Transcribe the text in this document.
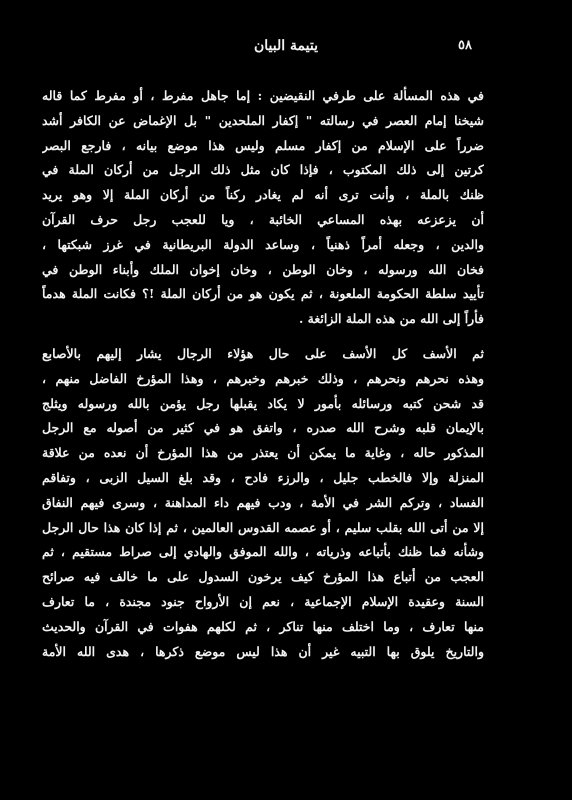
يتيمة البيان	٥٨
في هذه المسألة على طرفي النقيضين : إما جاهل مفرط ، أو مفرط كما قاله
شيخنا إمام العصر في رسالته " إكفار الملحدين " بل الإغماض عن الكافر أشد
ضرراً على الإسلام من إكفار مسلم وليس هذا موضع بيانه ، فارجع البصر
كرتين إلى ذلك المكتوب ، فإذا كان مثل ذلك الرجل من أركان الملة في
ظنك بالملة ، وأنت ترى أنه لم يغادر ركناً من أركان الملة إلا وهو يريد
أن يزعزعه بهذه المساعي الخائبة ، ويا للعجب رجل حرف القرآن
والدين ، وجعله أمراً ذهنياً ، وساعد الدولة البريطانية في غرز شبكتها ،
فخان الله ورسوله ، وخان الوطن ، وخان إخوان الملك وأبناء الوطن في
تأييد سلطة الحكومة الملعونة ، ثم يكون هو من أركان الملة !؟ فكانت الملة هدماً
فأراً إلى الله من هذه الملة الزائغة .
ثم الأسف كل الأسف على حال هؤلاء الرجال يشار إليهم بالأصابع
وهذه نحرهم ونحرهم ، وذلك خبرهم وخبرهم ، وهذا المؤرخ الفاضل منهم ،
قد شحن كتبه ورسائله بأمور لا يكاد يقبلها رجل يؤمن بالله ورسوله ويثلج
بالإيمان قلبه وشرح الله صدره ، واتفق هو في كثير من أصوله مع الرجل
المذكور حاله ، وغاية ما يمكن أن يعتذر من هذا المؤرخ أن نعده من علاقة
المنزلة وإلا فالخطب جليل ، والرزء فادح ، وقد بلغ السيل الزبى ، وتفاقم
الفساد ، وتركم الشر في الأمة ، ودب فيهم داء المداهنة ، وسرى فيهم النفاق
إلا من أتى الله بقلب سليم ، أو عصمه القدوس العالمين ، ثم إذا كان هذا حال الرجل
وشأنه فما ظنك بأتباعه وذرياته ، والله الموفق والهادي إلى صراط مستقيم ، ثم
العجب من أتباع هذا المؤرخ كيف يرخون السدول على ما خالف فيه صرائح
السنة وعقيدة الإسلام الإجماعية ، نعم إن الأرواح جنود مجندة ، ما تعارف
منها تعارف ، وما اختلف منها تناكر ، ثم لكلهم هفوات في القرآن والحديث
والتاريخ يلوق بها التبيه غير أن هذا ليس موضع ذكرها ، هدى الله الأمة
